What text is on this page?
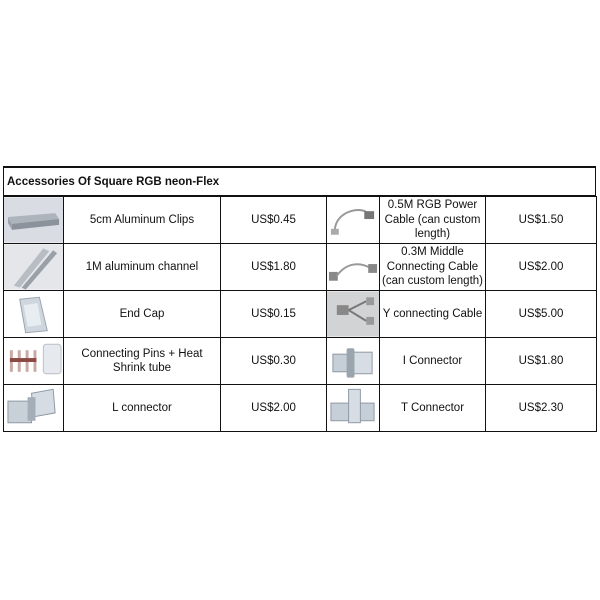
Accessories Of Square RGB neon-Flex
	5cm Aluminum Clips	US$0.45		0.5M RGB Power Cable (can custom length)	US$1.50

	1M aluminum channel	US$1.80		0.3M Middle Connecting Cable (can custom length)	US$2.00

	End Cap	US$0.15		Y connecting Cable	US$5.00

	Connecting Pins + Heat Shrink tube	US$0.30		I Connector	US$1.80

	L connector	US$2.00		T Connector	US$2.30
